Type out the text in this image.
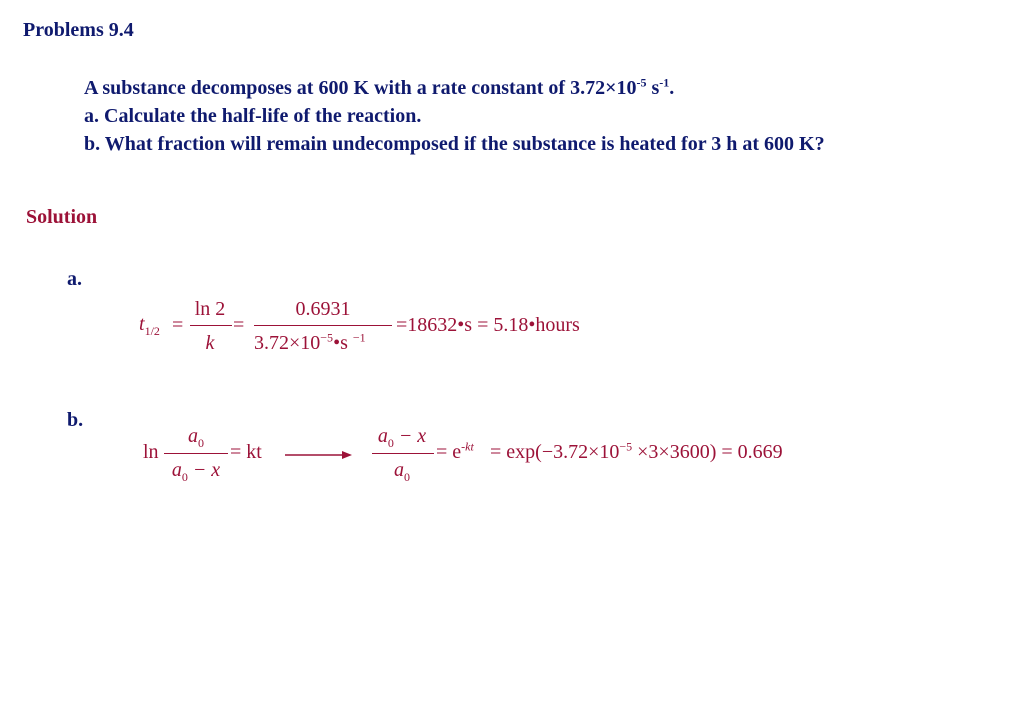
Problems 9.4
A substance decomposes at 600 K with a rate constant of $3.72\times 10^{-5}$ $s^{-1}$.
a. Calculate the half-life of the reaction.
b. What fraction will remain undecomposed if the substance is heated for 3 h at 600 K?
Solution
a.
$t_{1/2}$ =
ln 2
k
=
0.6931
$3.72\times 10^{-5}•s$ $^{-1}$
=18632•s = 5.18•hours
b.
ln
$a_0$
$a_0 - x$
= kt
$a_0 - x$
$a_0$
= $e^{-kt} = \exp(-3.72\times 10^{-5} \times 3\times 3600) = 0.669$
